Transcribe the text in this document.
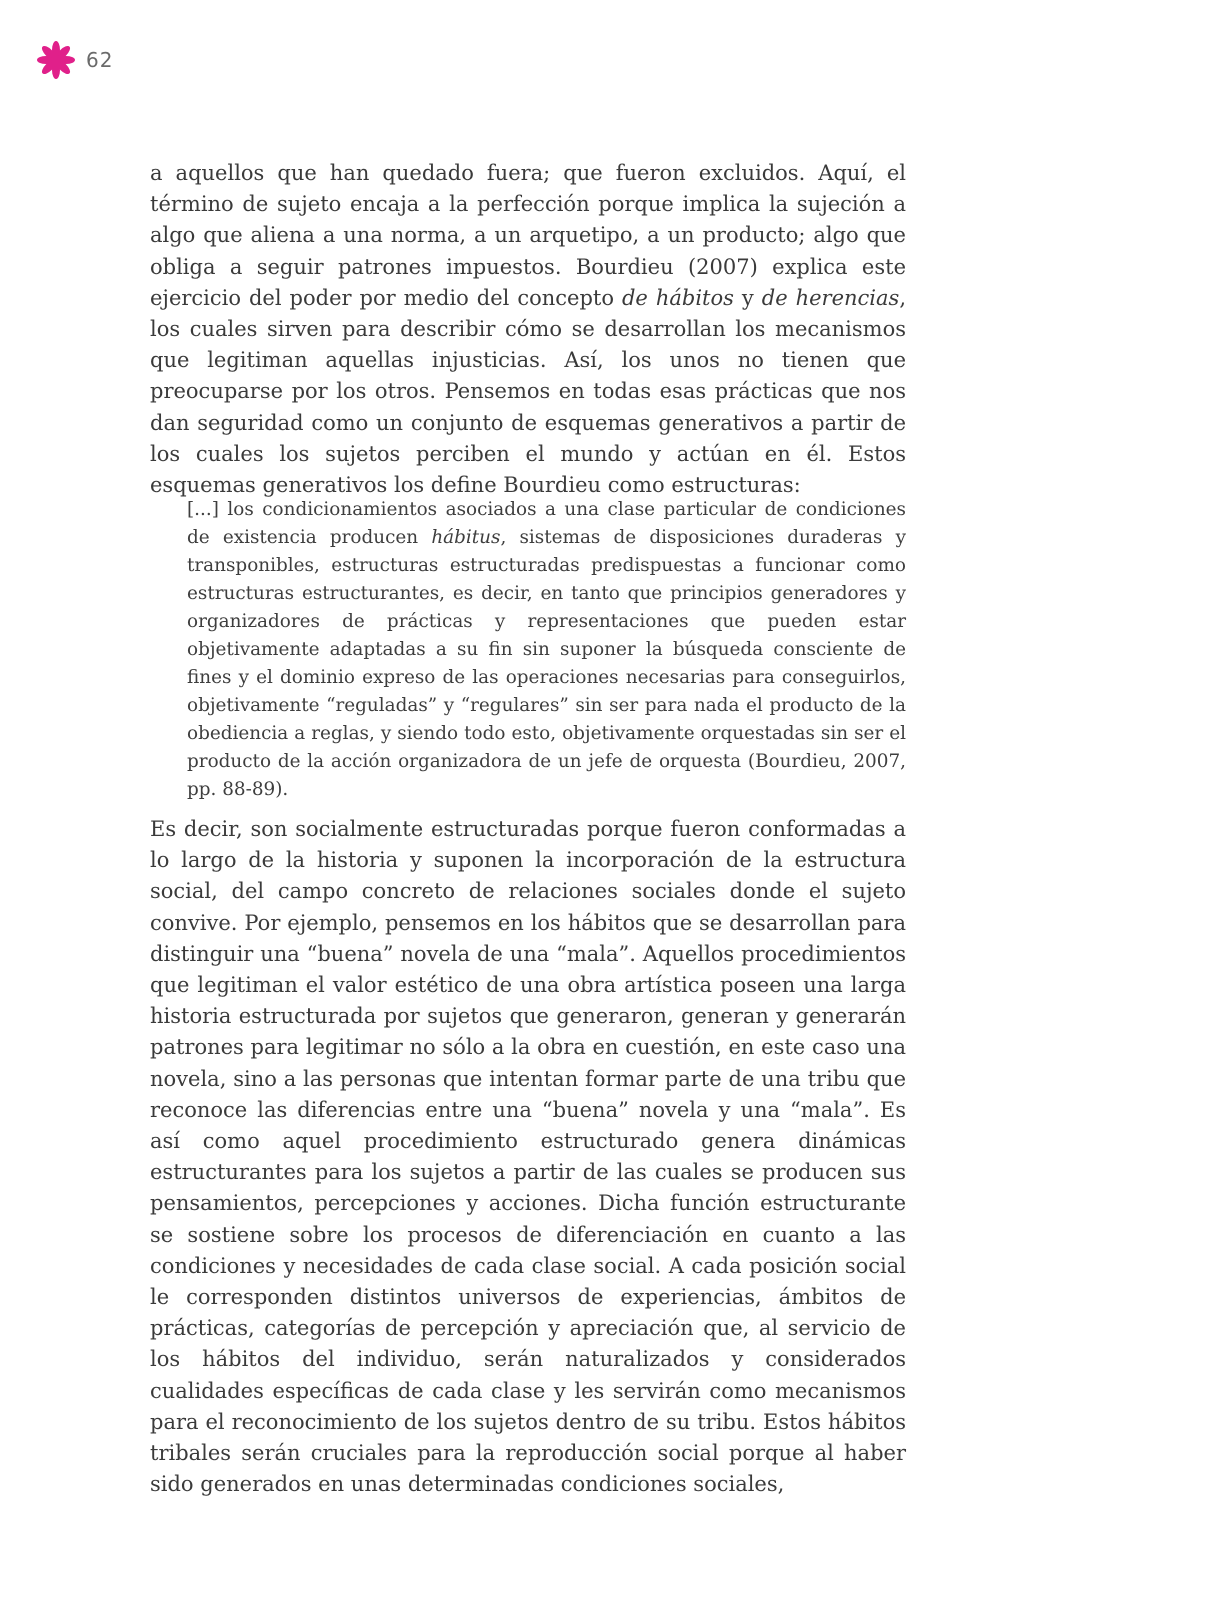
62

a aquellos que han quedado fuera; que fueron excluidos. Aquí, el término de sujeto encaja a la perfección porque implica la sujeción a algo que aliena a una norma, a un arquetipo, a un producto; algo que obliga a seguir patrones impuestos. Bourdieu (2007) explica este ejercicio del poder por medio del concepto de hábitos y de herencias, los cuales sirven para describir cómo se desarrollan los mecanismos que legitiman aquellas injusticias. Así, los unos no tienen que preocuparse por los otros. Pensemos en todas esas prácticas que nos dan seguridad como un conjunto de esquemas generativos a partir de los cuales los sujetos perciben el mundo y actúan en él. Estos esquemas generativos los define Bourdieu como estructuras:

[...] los condicionamientos asociados a una clase particular de condiciones de existencia producen hábitus, sistemas de disposiciones duraderas y transponibles, estructuras estructuradas predispuestas a funcionar como estructuras estructurantes, es decir, en tanto que principios generadores y organizadores de prácticas y representaciones que pueden estar objetivamente adaptadas a su fin sin suponer la búsqueda consciente de fines y el dominio expreso de las operaciones necesarias para conseguirlos, objetivamente “reguladas” y “regulares” sin ser para nada el producto de la obediencia a reglas, y siendo todo esto, objetivamente orquestadas sin ser el producto de la acción organizadora de un jefe de orquesta (Bourdieu, 2007, pp. 88-89).

Es decir, son socialmente estructuradas porque fueron conformadas a lo largo de la historia y suponen la incorporación de la estructura social, del campo concreto de relaciones sociales donde el sujeto convive. Por ejemplo, pensemos en los hábitos que se desarrollan para distinguir una “buena” novela de una “mala”. Aquellos procedimientos que legitiman el valor estético de una obra artística poseen una larga historia estructurada por sujetos que generaron, generan y generarán patrones para legitimar no sólo a la obra en cuestión, en este caso una novela, sino a las personas que intentan formar parte de una tribu que reconoce las diferencias entre una “buena” novela y una “mala”. Es así como aquel procedimiento estructurado genera dinámicas estructurantes para los sujetos a partir de las cuales se producen sus pensamientos, percepciones y acciones. Dicha función estructurante se sostiene sobre los procesos de diferenciación en cuanto a las condiciones y necesidades de cada clase social. A cada posición social le corresponden distintos universos de experiencias, ámbitos de prácticas, categorías de percepción y apreciación que, al servicio de los hábitos del individuo, serán naturalizados y considerados cualidades específicas de cada clase y les servirán como mecanismos para el reconocimiento de los sujetos dentro de su tribu. Estos hábitos tribales serán cruciales para la reproducción social porque al haber sido generados en unas determinadas condiciones sociales,
